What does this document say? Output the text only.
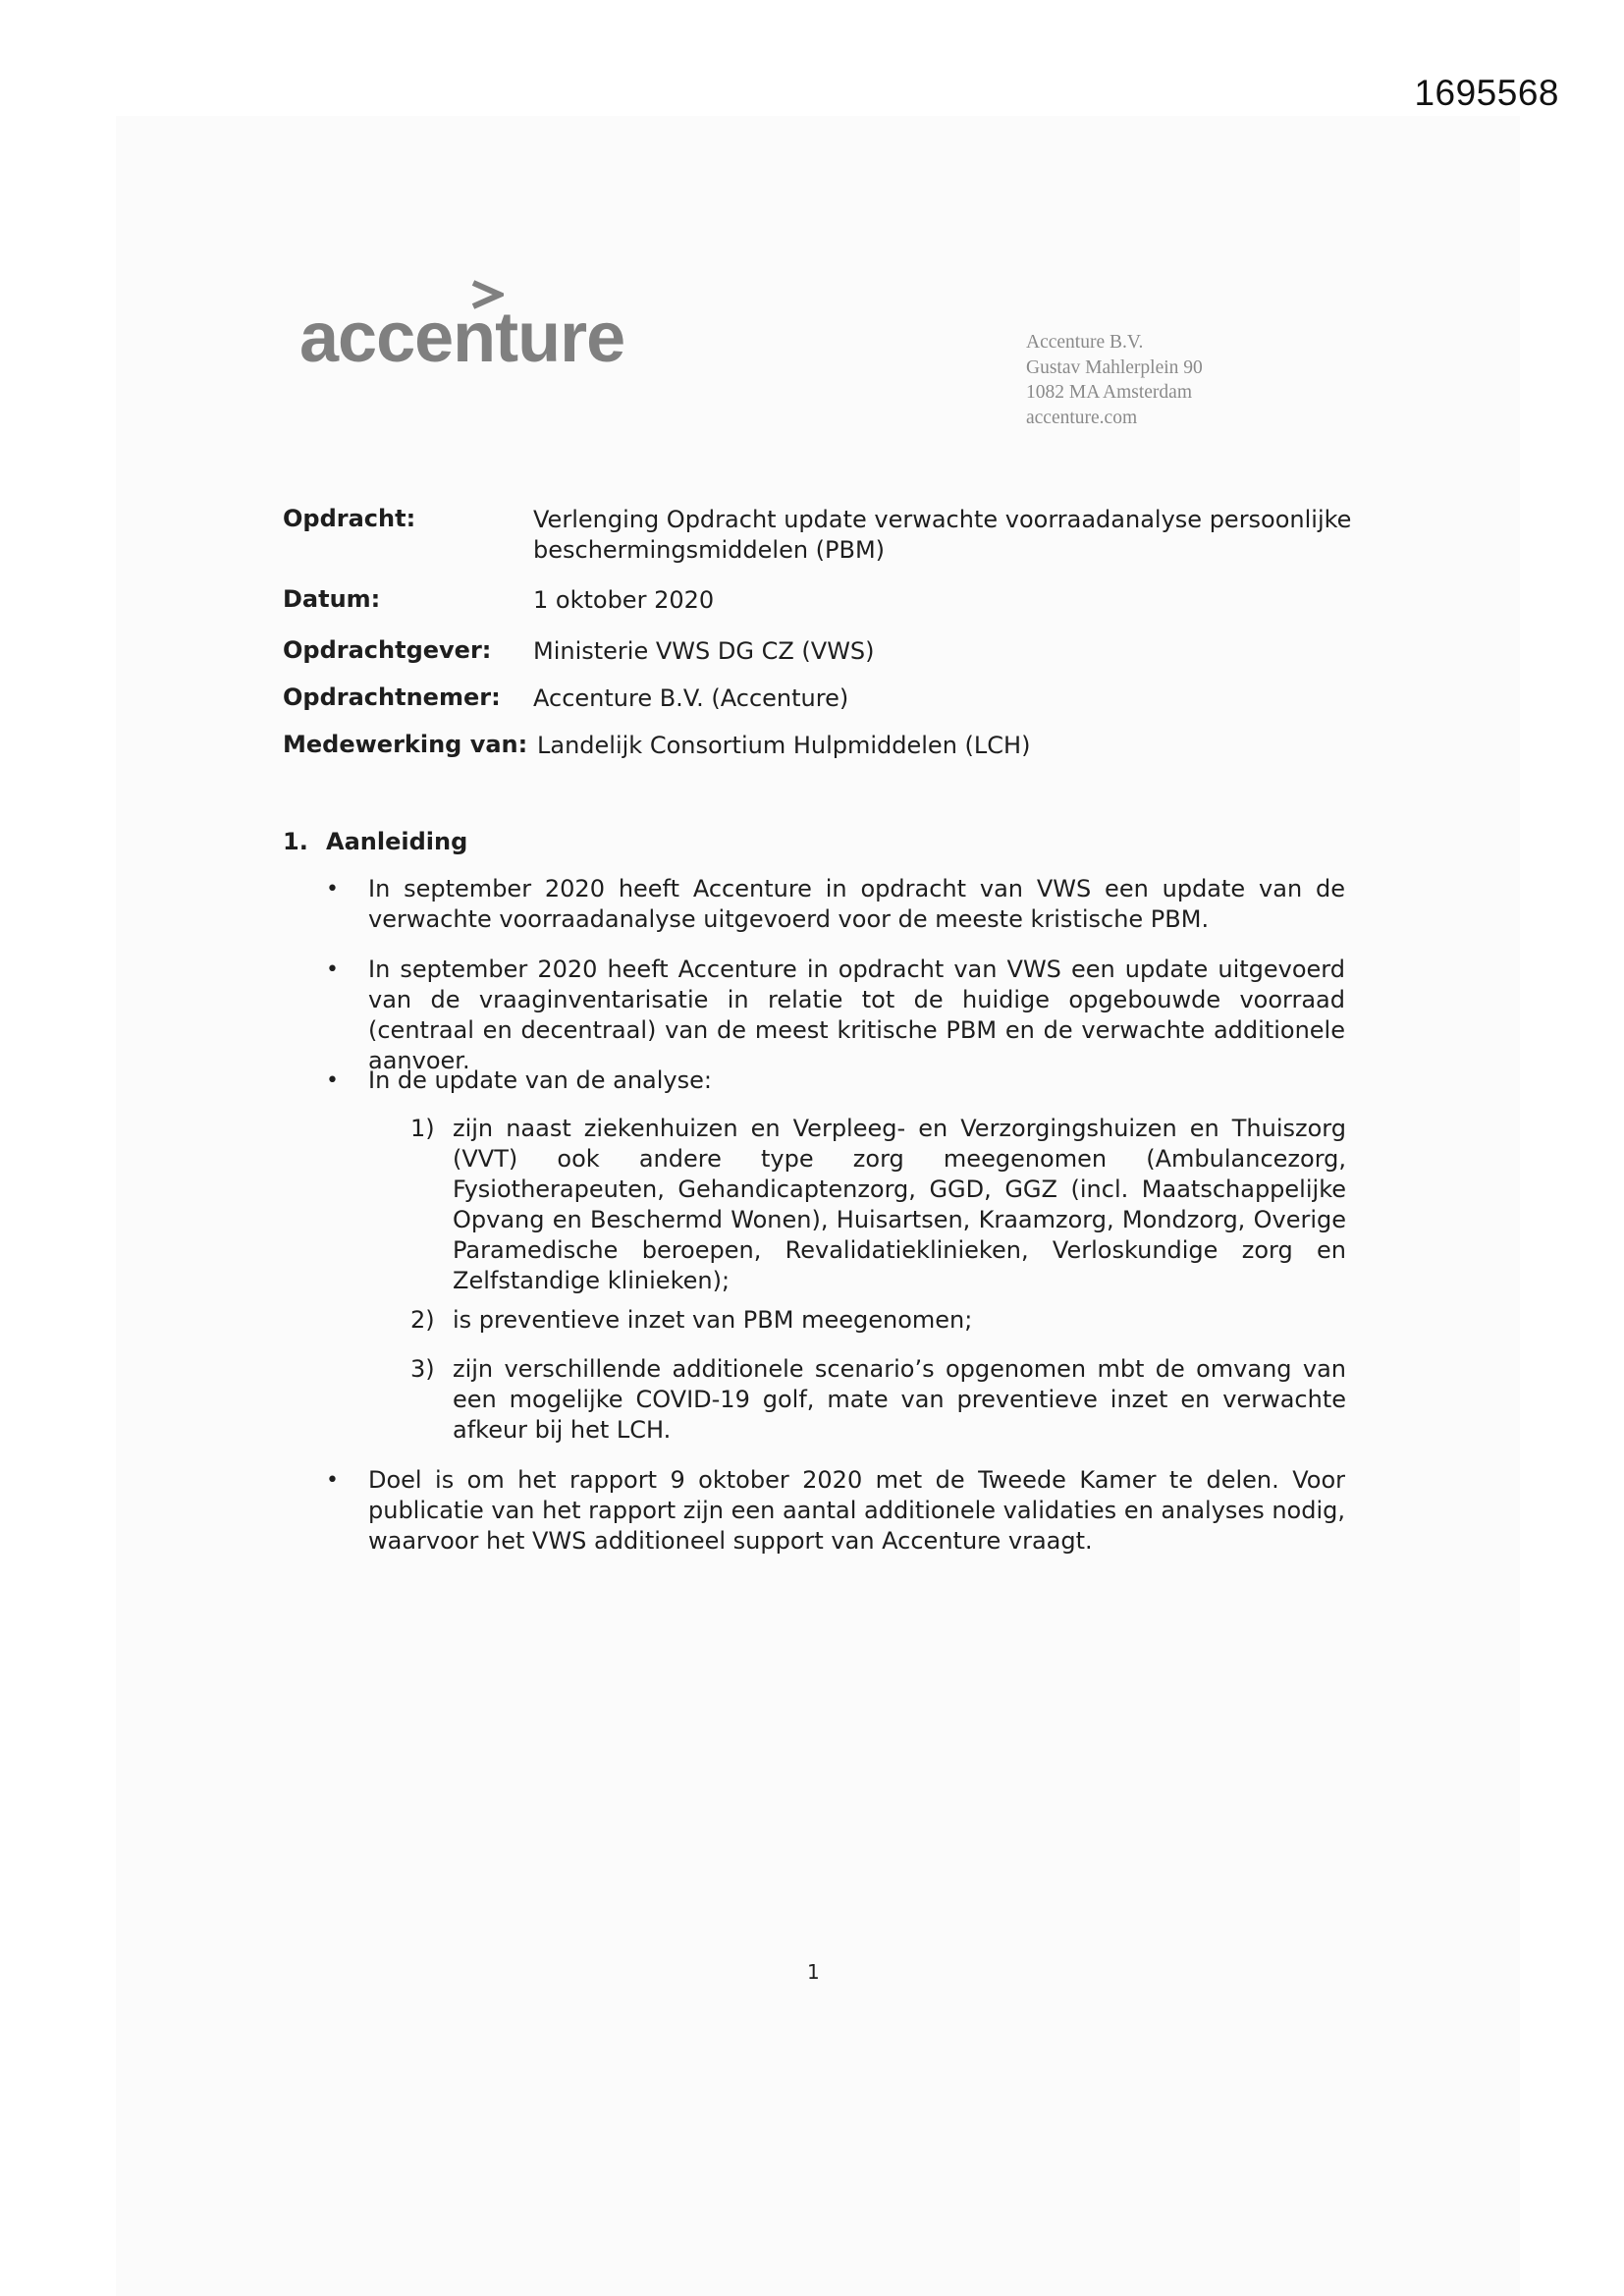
1695568
accenture	Accenture B.V.
Gustav Mahlerplein 90
1082 MA Amsterdam
accenture.com
Opdracht:	Verlenging Opdracht update verwachte voorraadanalyse persoonlijke beschermingsmiddelen (PBM)
Datum:	1 oktober 2020
Opdrachtgever: Ministerie VWS DG CZ (VWS)
Opdrachtnemer: Accenture B.V. (Accenture)
Medewerking van: Landelijk Consortium Hulpmiddelen (LCH)
1. Aanleiding
• In september 2020 heeft Accenture in opdracht van VWS een update van de verwachte voorraadanalyse uitgevoerd voor de meeste kristische PBM.
• In september 2020 heeft Accenture in opdracht van VWS een update uitgevoerd van de vraaginventarisatie in relatie tot de huidige opgebouwde voorraad (centraal en decentraal) van de meest kritische PBM en de verwachte additionele aanvoer.
• In de update van de analyse:
1) zijn naast ziekenhuizen en Verpleeg- en Verzorgingshuizen en Thuiszorg (VVT) ook andere type zorg meegenomen (Ambulancezorg, Fysiotherapeuten, Gehandicaptenzorg, GGD, GGZ (incl. Maatschappelijke Opvang en Beschermd Wonen), Huisartsen, Kraamzorg, Mondzorg, Overige Paramedische beroepen, Revalidatieklinieken, Verloskundige zorg en Zelfstandige klinieken);
2) is preventieve inzet van PBM meegenomen;
3) zijn verschillende additionele scenario’s opgenomen mbt de omvang van een mogelijke COVID-19 golf, mate van preventieve inzet en verwachte afkeur bij het LCH.
• Doel is om het rapport 9 oktober 2020 met de Tweede Kamer te delen. Voor publicatie van het rapport zijn een aantal additionele validaties en analyses nodig, waarvoor het VWS additioneel support van Accenture vraagt.
1
